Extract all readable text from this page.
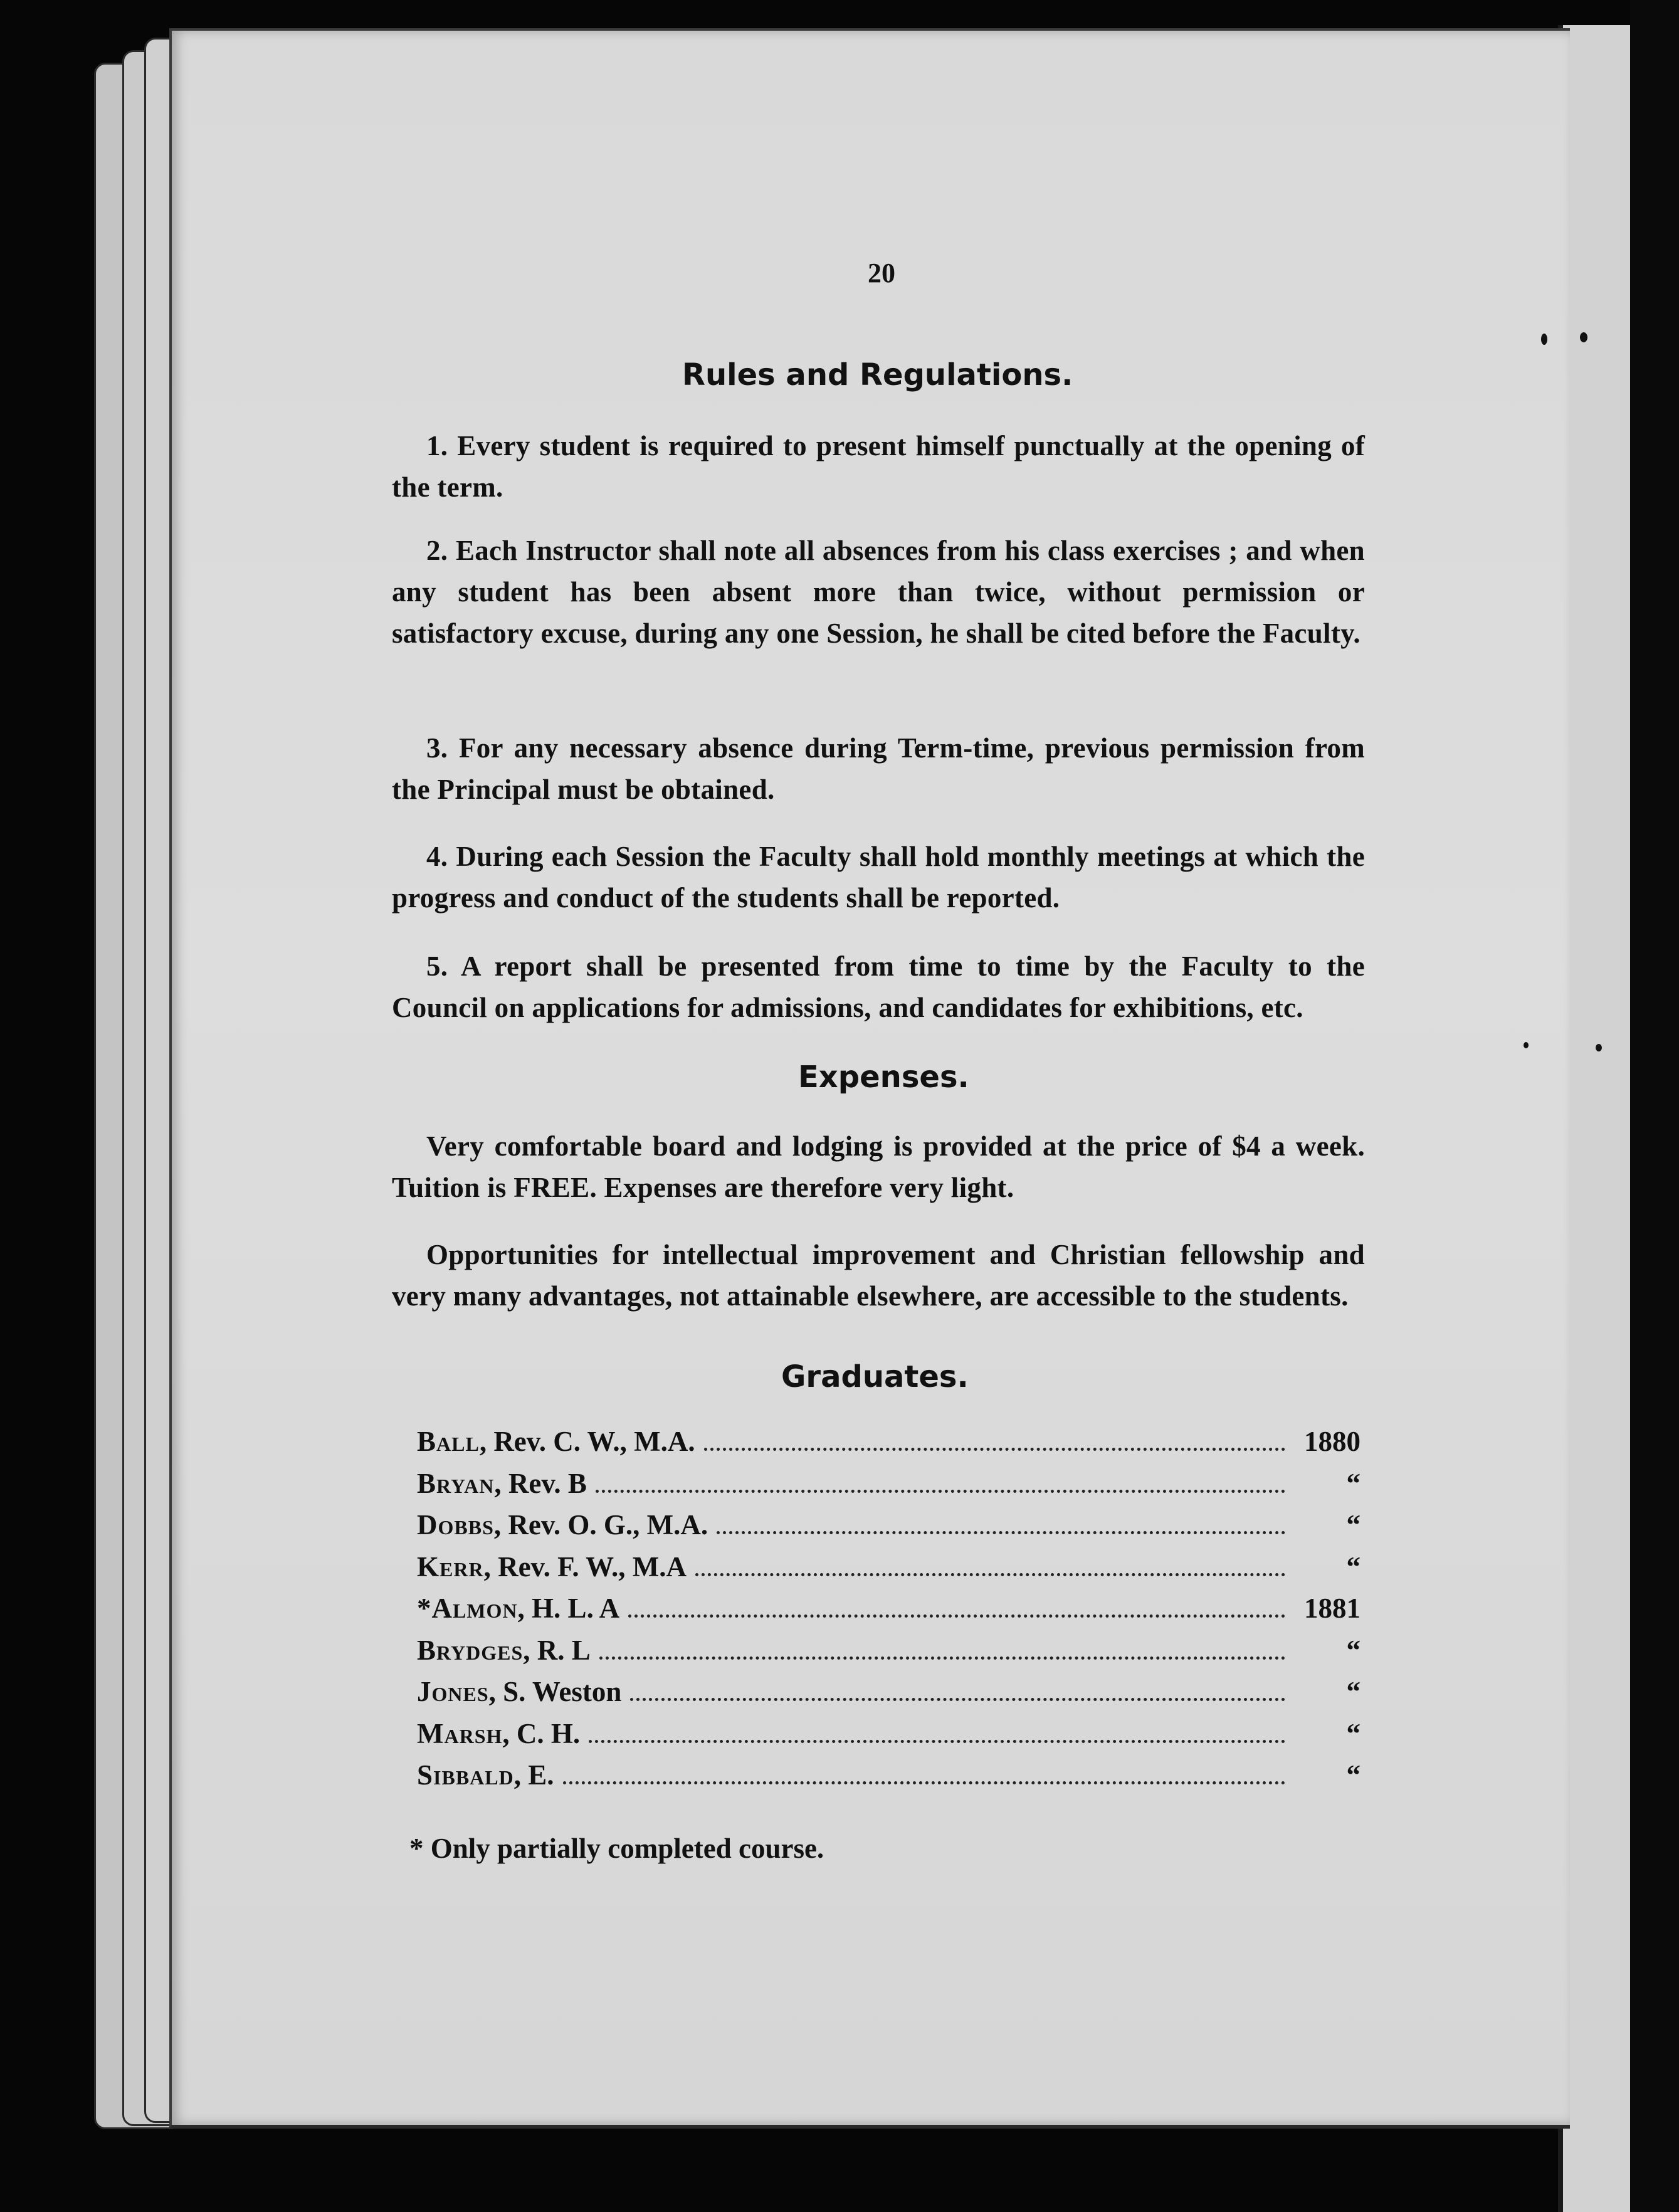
20
Rules and Regulations.
1. Every student is required to present himself punctually at the opening of the term.
2. Each Instructor shall note all absences from his class exercises ; and when any student has been absent more than twice, without permission or satisfactory excuse, during any one Session, he shall be cited before the Faculty.
3. For any necessary absence during Term-time, previous permission from the Principal must be obtained.
4. During each Session the Faculty shall hold monthly meetings at which the progress and conduct of the students shall be reported.
5. A report shall be presented from time to time by the Faculty to the Council on applications for admissions, and candidates for exhibitions, etc.
Expenses.
Very comfortable board and lodging is provided at the price of $4 a week. Tuition is FREE. Expenses are therefore very light.
Opportunities for intellectual improvement and Christian fellowship and very many advantages, not attainable elsewhere, are accessible to the students.
Graduates.
Ball, Rev. C. W., M.A.	1880
Bryan, Rev. B	“
Dobbs, Rev. O. G., M.A.	“
Kerr, Rev. F. W., M.A	“
*Almon, H. L. A	1881
Brydges, R. L	“
Jones, S. Weston	“
Marsh, C. H.	“
Sibbald, E.	“
* Only partially completed course.
